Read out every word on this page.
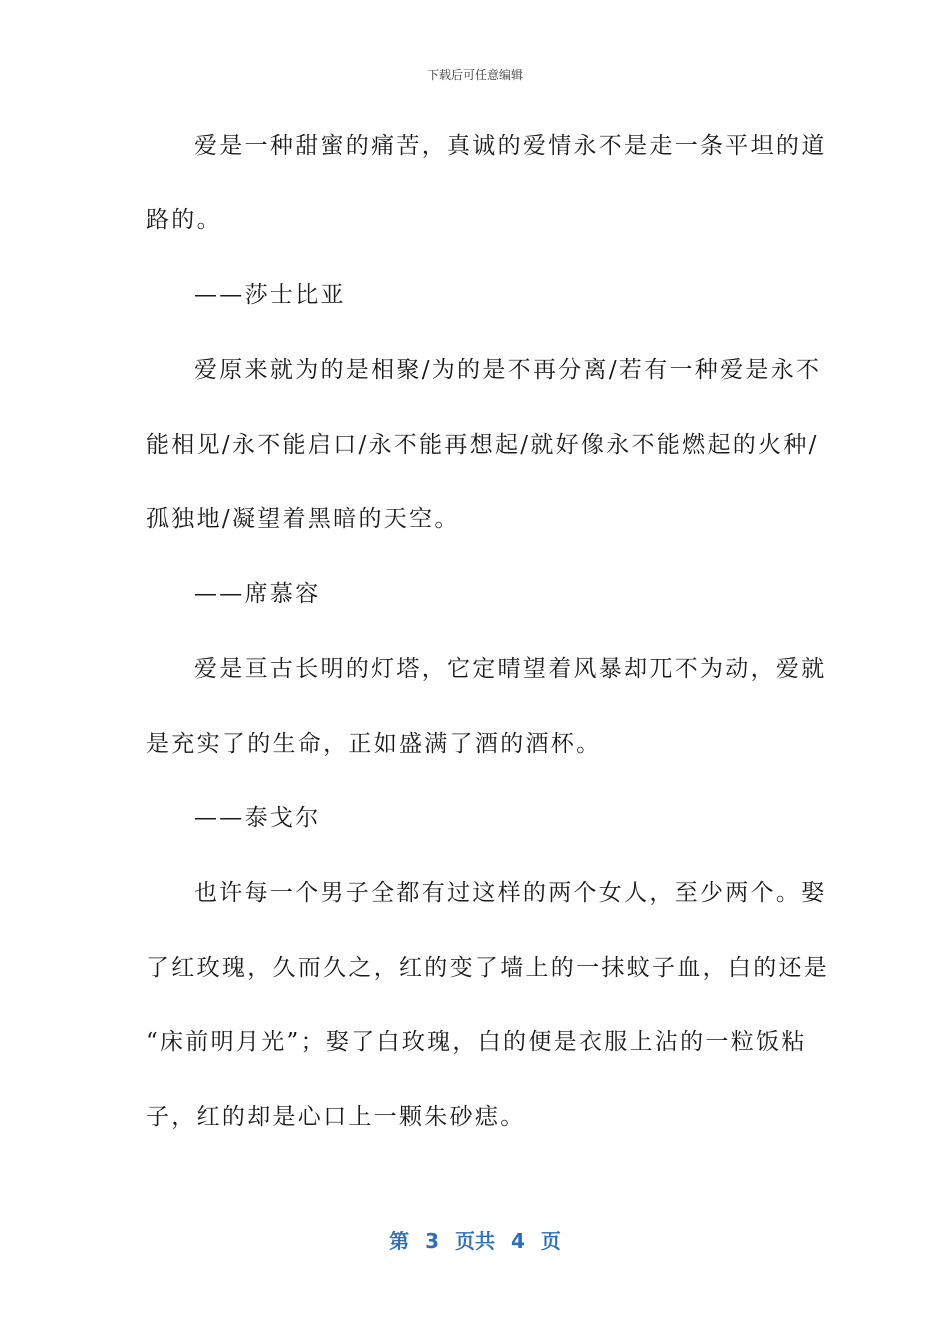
下载后可任意编辑
爱是一种甜蜜的痛苦，真诚的爱情永不是走一条平坦的道
路的。
——莎士比亚
爱原来就为的是相聚/为的是不再分离/若有一种爱是永不
能相见/永不能启口/永不能再想起/就好像永不能燃起的火种/
孤独地/凝望着黑暗的天空。
——席慕容
爱是亘古长明的灯塔，它定晴望着风暴却兀不为动，爱就
是充实了的生命，正如盛满了酒的酒杯。
——泰戈尔
也许每一个男子全都有过这样的两个女人，至少两个。娶
了红玫瑰，久而久之，红的变了墙上的一抹蚊子血，白的还是
“床前明月光”；娶了白玫瑰，白的便是衣服上沾的一粒饭粘
子，红的却是心口上一颗朱砂痣。
第 3 页共 4 页
